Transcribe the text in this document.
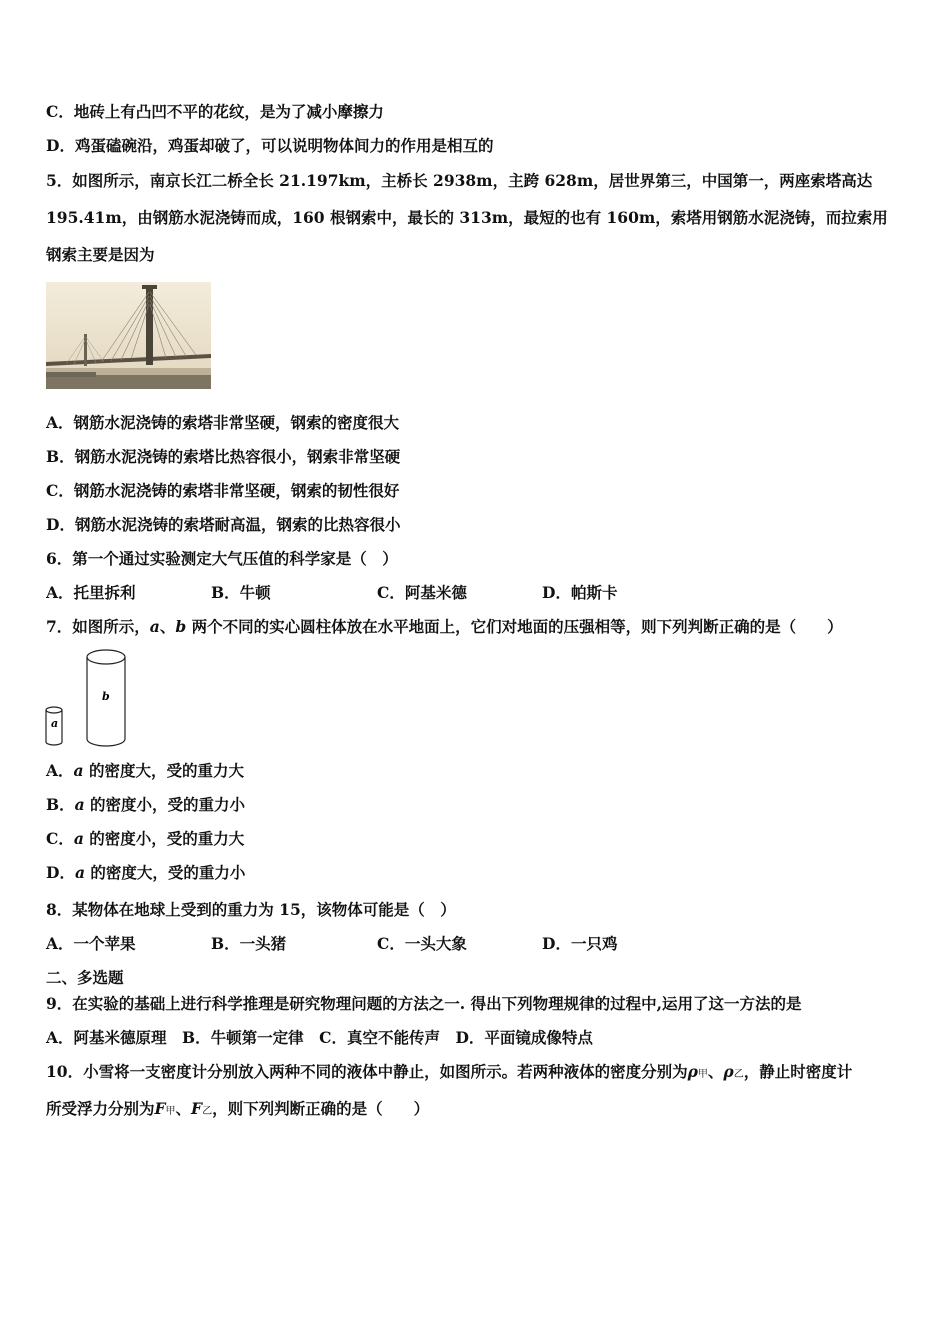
C．地砖上有凸凹不平的花纹，是为了减小摩擦力
D．鸡蛋磕碗沿，鸡蛋却破了，可以说明物体间力的作用是相互的
5．如图所示，南京长江二桥全长 21.197km，主桥长 2938m，主跨 628m，居世界第三，中国第一，两座索塔高达
195.41m，由钢筋水泥浇铸而成，160 根钢索中，最长的 313m，最短的也有 160m，索塔用钢筋水泥浇铸，而拉索用
钢索主要是因为
A．钢筋水泥浇铸的索塔非常坚硬，钢索的密度很大
B．钢筋水泥浇铸的索塔比热容很小，钢索非常坚硬
C．钢筋水泥浇铸的索塔非常坚硬，钢索的韧性很好
D．钢筋水泥浇铸的索塔耐高温，钢索的比热容很小
6．第一个通过实验测定大气压值的科学家是（　）
A．托里拆利	B．牛顿	C．阿基米德	D．帕斯卡
7．如图所示，a、b 两个不同的实心圆柱体放在水平地面上，它们对地面的压强相等，则下列判断正确的是（　　）
a
b
A．a 的密度大，受的重力大
B．a 的密度小，受的重力小
C．a 的密度小，受的重力大
D．a 的密度大，受的重力小
8．某物体在地球上受到的重力为 15，该物体可能是（　）
A．一个苹果	B．一头猪	C．一头大象	D．一只鸡
二、多选题
9．在实验的基础上进行科学推理是研究物理问题的方法之一. 得出下列物理规律的过程中,运用了这一方法的是
A．阿基米德原理　B．牛顿第一定律　C．真空不能传声　D．平面镜成像特点
10．小雪将一支密度计分别放入两种不同的液体中静止，如图所示。若两种液体的密度分别为ρ甲、ρ乙，静止时密度计
所受浮力分别为F甲、F乙，则下列判断正确的是（　　）
